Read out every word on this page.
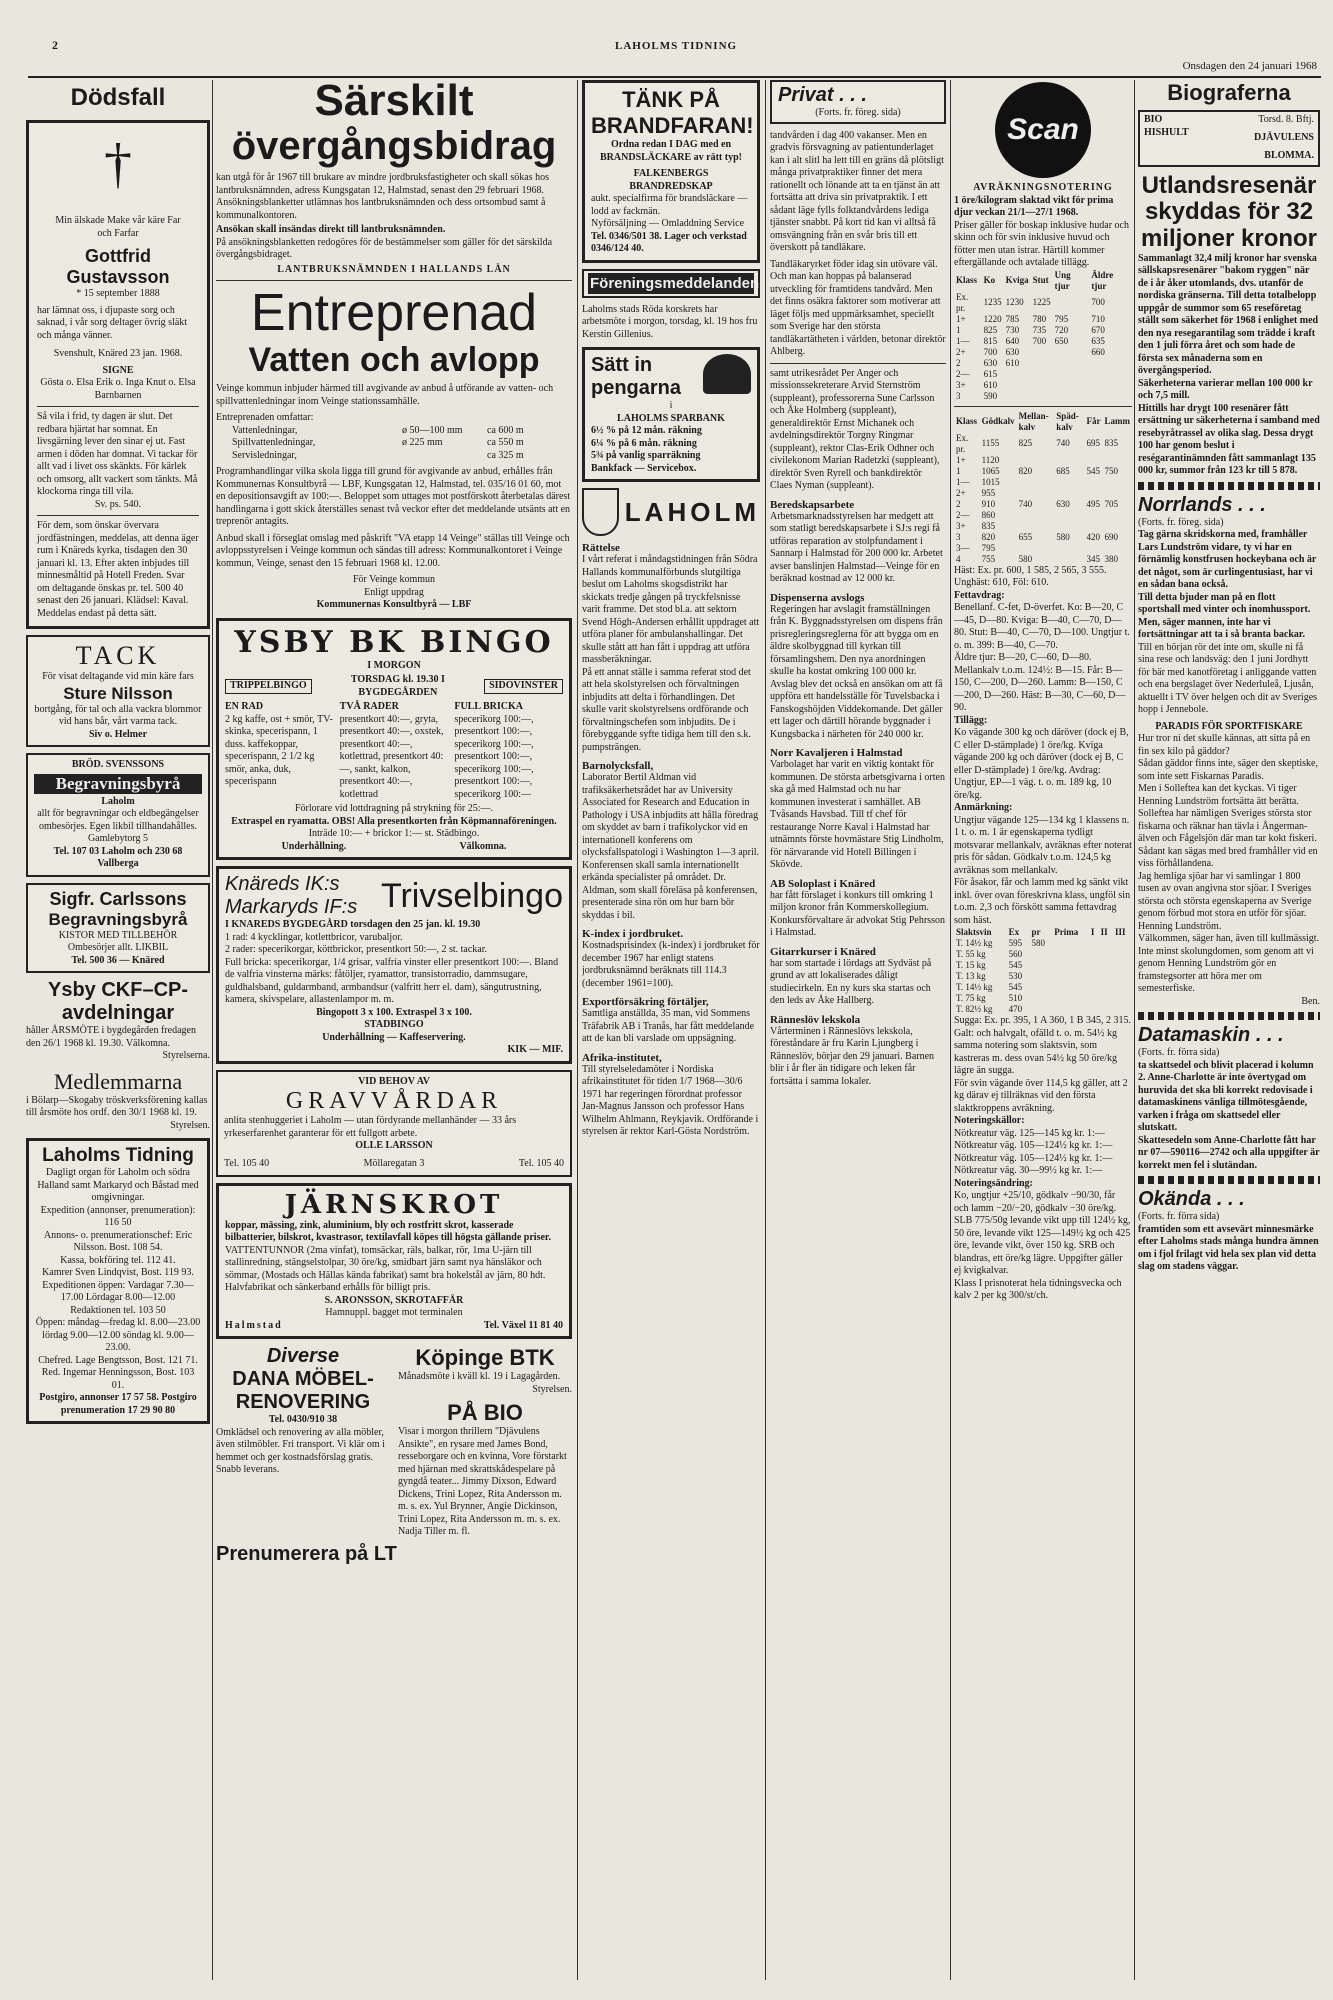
2	LAHOLMS TIDNING
Onsdagen den 24 januari 1968
Dödsfall
†
Min älskade Make vår käre Far och Farfar
Gottfrid
Gustavsson
* 15 september 1888
har lämnat oss, i djupaste sorg och saknad, i vår sorg deltager övrig släkt och många vänner.
Svenshult, Knäred 23 jan. 1968.
SIGNE
Gösta o. Elsa Erik o. Inga Knut o. Elsa Barnbarnen
Så vila i frid, ty dagen är slut. Det redbara hjärtat har somnat. En livsgärning lever den sinar ej ut. Fast armen i döden har domnat. Vi tackar för allt vad i livet oss skänkts. För kärlek och omsorg, allt vackert som tänkts. Må klockorna ringa till vila.
Sv. ps. 540.
För dem, som önskar övervara jordfästningen, meddelas, att denna äger rum i Knäreds kyrka, tisdagen den 30 januari kl. 13. Efter akten inbjudes till minnesmåltid på Hotell Freden. Svar om deltagande önskas pr. tel. 500 40 senast den 26 januari. Klädsel: Kaval. Meddelas endast på detta sätt.
TACK
För visat deltagande vid min käre fars
Sture Nilsson
bortgång, för tal och alla vackra blommor vid hans bår, vårt varma tack.
Siv o. Helmer
BRÖD. SVENSSONS
Begravningsbyrå
Laholm
allt för begravningar och eldbegängelser ombesörjes. Egen likbil tillhandahålles.
Gamlebytorg 5
Tel. 107 03 Laholm och 230 68 Vallberga
Sigfr. Carlssons
Begravningsbyrå
KISTOR MED TILLBEHÖR Ombesörjer allt. LIKBIL
Tel. 500 36 — Knäred
Ysby CKF–CP-
avdelningar
håller ÅRSMÖTE i bygdegården fredagen den 26/1 1968 kl. 19.30. Välkomna.
Styrelserna.
Medlemmarna
i Bölarp—Skogaby tröskverksförening kallas till årsmöte hos ordf. den 30/1 1968 kl. 19.
Styrelsen.
Laholms Tidning
Dagligt organ för Laholm och södra Halland samt Markaryd och Båstad med omgivningar.
Expedition (annonser, prenumeration): 116 50
Annons- o. prenumerationschef: Eric Nilsson. Bost. 108 54.
Kassa, bokföring tel. 112 41.
Kamrer Sven Lindqvist, Bost. 119 93.
Expeditionen öppen: Vardagar 7.30—17.00 Lördagar 8.00—12.00
Redaktionen tel. 103 50
Öppen: måndag—fredag kl. 8.00—23.00 lördag 9.00—12.00 söndag kl. 9.00—23.00.
Chefred. Lage Bengtsson, Bost. 121 71.
Red. Ingemar Henningsson, Bost. 103 01.
Postgiro, annonser 17 57 58. Postgiro prenumeration 17 29 90 80
Särskilt
övergångsbidrag
kan utgå för år 1967 till brukare av mindre jordbruksfastigheter och skall sökas hos lantbruksnämnden, adress Kungsgatan 12, Halmstad, senast den 29 februari 1968. Ansökningsblanketter utlämnas hos lantbruksnämnden och dess ortsombud samt å kommunalkontoren.
Ansökan skall insändas direkt till lantbruksnämnden.
På ansökningsblanketten redogöres för de bestämmelser som gäller för det särskilda övergångsbidraget.
LANTBRUKSNÄMNDEN I HALLANDS LÄN
Entreprenad
Vatten och avlopp
Veinge kommun inbjuder härmed till avgivande av anbud å utförande av vatten- och spillvattenledningar inom Veinge stationssamhälle.
Entreprenaden omfattar:
Vattenledningar,	ø 50—100 mm	ca 600 m
Spillvattenledningar,	ø 225 mm	ca 550 m
Servisledningar,	ca 325 m
Programhandlingar vilka skola ligga till grund för avgivande av anbud, erhålles från Kommunernas Konsultbyrå — LBF, Kungsgatan 12, Halmstad, tel. 035/16 01 60, mot en depositionsavgift av 100:—. Beloppet som uttages mot postförskott återbetalas därest handlingarna i gott skick återställes senast två veckor efter det meddelande utsänts att en treprenör antagits.
Anbud skall i förseglat omslag med påskrift "VA etapp 14 Veinge" ställas till Veinge och avloppsstyrelsen i Veinge kommun och sändas till adress: Kommunalkontoret i Veinge kommun, Veinge, senast den 15 februari 1968 kl. 12.00.
För Veinge kommun
Enligt uppdrag
Kommunernas Konsultbyrå — LBF
YSBY BK BINGO
I MORGON
TRIPPELBINGO
TORSDAG kl. 19.30 I BYGDEGÅRDEN
SIDOVINSTER
EN RAD
2 kg kaffe, ost + smör, TV-skinka, specerispann, 1 duss. kaffekoppar, specerispann, 2 1/2 kg smör, anka, duk, specerispann
TVÅ RADER
presentkort 40:—, gryta, presentkort 40:—, oxstek, presentkort 40:—, kotlettrad, presentkort 40:—, sankt, kalkon, presentkort 40:—, kotlettrad
FULL BRICKA
specerikorg 100:—, presentkort 100:—, specerikorg 100:—, presentkort 100:—, specerikorg 100:—, presentkort 100:—, specerikorg 100:—
Förlorare vid lottdragning på strykning för 25:—.
Extraspel en ryamatta. OBS! Alla presentkorten från Köpmannaföreningen.
Inträde 10:— + brickor 1:— st. Städbingo.
Underhållning.	Välkomna.
Knäreds IK:s
Markaryds IF:s Trivselbingo
I KNAREDS BYGDEGÅRD torsdagen den 25 jan. kl. 19.30
1 rad: 4 kycklingar, kotlettbricor, varubaljor.
2 rader: specerikorgar, köttbrickor, presentkort 50:—, 2 st. tackar.
Full bricka: specerikorgar, 1/4 grisar, valfria vinster eller presentkort 100:—. Bland de valfria vinsterna märks: fåtöljer, ryamattor, transistorradio, dammsugare, guldhalsband, guldarmband, armbandsur (valfritt herr el. dam), sängutrustning, kamera, skivspelare, allastenlampor m. m.
Bingopott 3 x 100. Extraspel 3 x 100.
STADBINGO
Underhållning — Kaffeservering.
KIK — MIF.
VID BEHOV AV
GRAVVÅRDAR
anlita stenhuggeriet i Laholm — utan fördyrande mellanhänder — 33 års yrkeserfarenhet garanterar för ett fullgott arbete.
Tel. 105 40
OLLE LARSSON
Möllaregatan 3	Tel. 105 40
JÄRNSKROT
koppar, mässing, zink, aluminium, bly och rostfritt skrot, kasserade bilbatterier, bilskrot, kvastrasor, textilavfall köpes till högsta gällande priser.
VATTENTUNNOR (2ma vinfat), tomsäckar, räls, balkar, rör, 1ma U-järn till stallinredning, stängselstolpar, 30 öre/kg, smidbart järn samt nya hänsläkor och sömmar, (Mostads och Hällas kända fabrikat) samt bra hokelstål av järn, 80 hdt. Halvfabrikat och sänkerband erhålls för billigt pris.
S. ARONSSON, SKROTAFFÄR
Hamnuppl. bagget mot terminalen
Halmstad	Tel. Växel 11 81 40
Diverse
DANA MÖBEL-
RENOVERING
Tel. 0430/910 38
Omklädsel och renovering av alla möbler, även stilmöbler. Fri transport. Vi klär om i hemmet och ger kostnadsförslag gratis. Snabb leverans.
Köpinge BTK
Månadsmöte i kväll kl. 19 i Lagagården.
Styrelsen.
PÅ BIO
Visar i morgon thrillern "Djävulens Ansikte", en rysare med James Bond, resseborgare och en kvinna, Vore förstarkt med hjärnan med skrattskådespelare på gyngdå teater... Jimmy Dixson, Edward Dickens, Trini Lopez, Rita Andersson m. m. s. ex. Yul Brynner, Angie Dickinson, Trini Lopez, Rita Andersson m. m. s. ex. Nadja Tiller m. fl.
Prenumerera på LT
TÄNK PÅ
BRANDFARAN!
Ordna redan I DAG med en BRANDSLÄCKARE av rätt typ!
FALKENBERGS BRANDREDSKAP
aukt. specialfirma för brandsläckare — lodd av fackmän.
Nyförsäljning — Omladdning Service
Tel. 0346/501 38. Lager och verkstad 0346/124 40.
Föreningsmeddelanden
Laholms stads Röda korskrets har arbetsmöte i morgon, torsdag, kl. 19 hos fru Kerstin Gillenius.
Sätt in
pengarna
i
LAHOLMS SPARBANK
6½ % på 12 mån. räkning
6¼ % på 6 mån. räkning
5¾ på vanlig sparräkning
Bankfack — Servicebox.
LAHOLM
Rättelse
I vårt referat i måndagstidningen från Södra Hallands kommunalförbunds slutgiltiga beslut om Laholms skogsdistrikt har skickats tredje gången på tryckfelsnisse varit framme. Det stod bl.a. att sektorn Svend Högh-Andersen erhållit uppdraget att utföra planer för ambulanshallingar. Det skulle stått att han fått i uppdrag att utföra massberäkningar.
På ett annat ställe i samma referat stod det att hela skolstyrelsen och förvaltningen inbjudits att delta i förhandlingen. Det skulle varit skolstyrelsens ordförande och förvaltningschefen som inbjudits. De i förebyggande syfte tidiga hem till den s.k. pumpsträngen.
Barnolycksfall,
Laborator Bertil Aldman vid trafiksäkerhetsrådet har av University Associated for Research and Education in Pathology i USA inbjudits att hålla föredrag om skyddet av barn i trafikolyckor vid en internationell konferens om olycksfallspatologi i Washington 1—3 april.
Konferensen skall samla internationellt erkända specialister på området. Dr. Aldman, som skall föreläsa på konferensen, presenterade sina rön om hur barn bör skyddas i bil.
K-index i jordbruket.
Kostnadsprisindex (k-index) i jordbruket för december 1967 har enligt statens jordbruksnämnd beräknats till 114.3 (december 1961=100).
Exportförsäkring förtäljer,
Samtliga anställda, 35 man, vid Sommens Träfabrik AB i Tranås, har fått meddelande att de kan bli varslade om uppsägning.
Afrika-institutet,
Till styrelseledamöter i Nordiska afrikainstitutet för tiden 1/7 1968—30/6 1971 har regeringen förordnat professor Jan-Magnus Jansson och professor Hans Wilhelm Ahlmann, Reykjavik. Ordförande i styrelsen är rektor Karl-Gösta Nordström.
Privat . . .
(Forts. fr. föreg. sida)
tandvården i dag 400 vakanser. Men en gradvis försvagning av patientunderlaget kan i alt slitl ha lett till en gräns då plötsligt många privatpraktiker finner det mera rationellt och lönande att ta en tjänst än att fortsätta att driva sin privatpraktik. I ett sådant läge fylls folktandvårdens lediga tjänster snabbt. På kort tid kan vi alltså få omsvängning från en svår bris till ett överskott på tandläkare.
Tandläkaryrket föder idag sin utövare väl. Och man kan hoppas på balanserad utveckling för framtidens tandvård. Men det finns osäkra faktorer som motiverar att läget följs med uppmärksamhet, speciellt som Sverige har den största tandläkartätheten i världen, betonar direktör Ahlberg.
samt utrikesrådet Per Anger och missionssekreterare Arvid Sternström (suppleant), professorerna Sune Carlsson och Åke Holmberg (suppleant), generaldirektör Ernst Michanek och avdelningsdirektör Torgny Ringmar (suppleant), rektor Clas-Erik Odhner och civilekonom Marian Radetzki (suppleant), direktör Sven Ryrell och bankdirektör Claes Nyman (suppleant).
Beredskapsarbete
Arbetsmarknadsstyrelsen har medgett att som statligt beredskapsarbete i SJ:s regi få utföras reparation av stolpfundament i Sannarp i Halmstad för 200 000 kr. Arbetet avser banslinjen Halmstad—Veinge för en beräknad kostnad av 12 000 kr.
Dispenserna avslogs
Regeringen har avslagit framställningen från K. Byggnadsstyrelsen om dispens från prisregleringsreglerna för att bygga om en äldre skolbyggnad till kyrkan till församlingshem. Den nya anordningen skulle ha kostat omkring 100 000 kr.
Avslag blev det också en ansökan om att få uppföra ett handelsställe för Tuvelsbacka i Fanskogshöjden Viddekomande. Det gäller ett lager och därtill hörande byggnader i Kungsbacka i närheten för 240 000 kr.
Norr Kavaljeren i Halmstad
Varbolaget har varit en viktig kontakt för kommunen. De största arbetsgivarna i orten ska gå med Halmstad och nu har kommunen investerat i samhället. AB Tvåsands Havsbad. Till tf chef för restaurange Norre Kaval i Halmstad har utnämnts förste hovmästare Stig Lindholm, för närvarande vid Hotell Billingen i Skövde.
AB Soloplast i Knäred
har fått förslaget i konkurs till omkring 1 miljon kronor från Kommerskollegium. Konkursförvaltare är advokat Stig Pehrsson i Halmstad.
Gitarrkurser i Knäred
har som startade i lördags att Sydväst på grund av att lokaliserades dåligt studiecirkeln. En ny kurs ska startas och den leds av Åke Hallberg.
Ränneslöv lekskola
Vårterminen i Ränneslövs lekskola, föreståndare är fru Karin Ljungberg i Ränneslöv, börjar den 29 januari. Barnen blir i år fler än tidigare och leken får fortsätta i samma lokaler.
Scan
AVRÄKNINGSNOTERING
1 öre/kilogram slaktad vikt för prima djur veckan 21/1—27/1 1968.
Priser gäller för boskap inklusive hudar och skinn och för svin inklusive huvud och fötter men utan istrar. Härtill kommer eftergällande och avtalade tillägg.
Klass	Ko	Kviga	Stut	Ung tjur	Äldre tjur
Ex. pr.	1235	1230	1225		700
1+	1220	785	780	795	710
1	825	730	735	720	670
1—	815	640	700	650	635
2+	700	630			660
2	630	610			
2—	615				
3+	610				
3	590				
Klass	Gödkalv	Mellan-kalv	Späd-kalv	Får	Lamm
Ex. pr.	1155	825	740	695	835
1+	1120				
1	1065	820	685	545	750
1—	1015				
2+	955				
2	910	740	630	495	705
2—	860				
3+	835				
3	820	655	580	420	690
3—	795				
4	755	580		345	380
Häst: Ex. pr. 600, 1 585, 2 565, 3 555.
Unghäst: 610, Föl: 610.
Fettavdrag:
Benellanf. C-fet, D-överfet. Ko: B—20, C—45, D—80. Kviga: B—40, C—70, D—80. Stut: B—40, C—70, D—100. Ungtjur t. o. m. 399: B—40, C—70.
Äldre tjur: B—20, C—60, D—80. Mellankalv t.o.m. 124½: B—15. Får: B—150, C—200, D—260. Lamm: B—150, C—200, D—260. Häst: B—30, C—60, D—90.
Tillägg:
Ko vägande 300 kg och däröver (dock ej B, C eller D-stämplade) 1 öre/kg. Kviga vägande 200 kg och däröver (dock ej B, C eller D-stämplade) 1 öre/kg. Avdrag: Ungtjur, EP—1 väg. t. o. m. 189 kg, 10 öre/kg.
Anmärkning:
Ungtjur vägande 125—134 kg 1 klassens n. 1 t. o. m. 1 är egenskaperna tydligt motsvarar mellankalv, avräknas efter noterat pris för sådan. Gödkalv t.o.m. 124,5 kg avräknas som mellankalv.
För åsakor, får och lamm med kg sänkt vikt inkl. över ovan föreskrivna klass, ungföl sin t.o.m. 2,3 och förskött samma fettavdrag som häst.
Slaktsvin	Ex	pr	Prima	I	II	III
T. 14½ kg	595	580				
T. 55 kg	560					
T. 15 kg	545					
T. 13 kg	530					
T. 14½ kg	545					
T. 75 kg	510					
T. 82½ kg	470					
Sugga: Ex. pr. 395, 1 A 360, 1 B 345, 2 315.
Galt: och halvgalt, ofälld t. o. m. 54½ kg samma notering som slaktsvin, som kastreras m. dess ovan 54½ kg 50 öre/kg lägre än sugga.
För svin vägande över 114,5 kg gäller, att 2 kg därav ej tillräknas vid den första slaktkroppens avräkning.
Noteringskällor:
Nötkreatur väg. 125—145 kg kr. 1:—
Nötkreatur väg. 105—124½ kg kr. 1:—
Nötkreatur väg. 105—124½ kg kr. 1:—
Nötkreatur väg. 30—99½ kg kr. 1:—
Noteringsändring:
Ko, ungtjur +25/10, gödkalv −90/30, får och lamm −20/−20, gödkalv −30 öre/kg.
SLB 775/50g levande vikt upp till 124½ kg, 50 öre, levande vikt 125—149½ kg och 425 öre, levande vikt, över 150 kg. SRB och blandras, ett öre/kg lägre. Uppgifter gäller ej kvigkalvar.
Klass I prisnoterat hela tidningsvecka och kalv 2 per kg 300/st/ch.
Biograferna
BIO HISHULT
Torsd. 8. Bftj.
DJÄVULENS BLOMMA.
Utlandsresenär
skyddas för 32
miljoner kronor
Sammanlagt 32,4 milj kronor har svenska sällskapsresenärer "bakom ryggen" när de i år åker utomlands, dvs. utanför de nordiska gränserna. Till detta totalbelopp uppgår de summor som 65 reseföretag ställt som säkerhet för 1968 i enlighet med den nya resegarantilag som trädde i kraft den 1 juli förra året och som hade de första sex månaderna som en övergångsperiod.
Säkerheterna varierar mellan 100 000 kr och 7,5 mill.
Hittills har drygt 100 resenärer fått ersättning ur säkerheterna i samband med resebyråtrassel av olika slag. Dessa drygt 100 har genom beslut i reségarantinämnden fått sammanlagt 135 000 kr, summor från 123 kr till 5 878.
Norrlands . . .
(Forts. fr. föreg. sida)
Tag gärna skridskorna med, framhåller Lars Lundström vidare, ty vi har en förnämlig konstfrusen hockeybana och är det något, som är curlingentusiast, har vi en sådan bana också.
Till detta bjuder man på en flott sportshall med vinter och inomhussport.
Men, säger mannen, inte har vi fortsättningar att ta i så branta backar.
Till en början rör det inte om, skulle ni få sina rese och landsväg: den 1 juni Jordhytt för bär med kanotföretag i anliggande vatten och ena bergslaget över Nederluleå, Ljusån, aktuellt i TV över helgen och dit av Sveriges hopp i Jennebole.
PARADIS FÖR SPORTFISKARE
Hur tror ni det skulle kännas, att sitta på en fin sex kilo på gäddor?
Sådan gäddor finns inte, säger den skeptiske, som inte sett Fiskarnas Paradis.
Men i Solleftea kan det kyckas. Vi tiger Henning Lundström fortsätta ätt berätta.
Solleftea har nämligen Sveriges största stor fiskarna och räknar han tävla i Ångerman-älven och Fågelsjön där man tar kokt fiskeri. Sådant kan sägas med bred framhåller vid en viss förhållandena.
Jag hemliga sjöar har vi samlingar 1 800 tusen av ovan angivna stor sjöar. I Sveriges största och största egenskaperna av Sverige genom förbud mot stora en utför för sjöar. Henning Lundström.
Välkommen, säger han, även till kullmässigt. Inte minst skolungdomen, som genom att vi genom Henning Lundström gör en framstegsorter att höra mer om semesterfiske.
Ben.
Datamaskin . . .
(Forts. fr. förra sida)
ta skattsedel och blivit placerad i kolumn 2. Anne-Charlotte är inte övertygad om huruvida det ska bli korrekt redovisade i datamaskinens vänliga tillmötesgående, varken i fråga om skattsedel eller slutskatt.
Skattesedeln som Anne-Charlotte fått har nr 07—590116—2742 och alla uppgifter är korrekt men fel i slutändan.
Okända . . .
(Forts. fr. förra sida)
framtiden som ett avsevärt minnesmärke efter Laholms stads många hundra ämnen om i fjol frilagt vid hela sex plan vid detta slag om stadens väggar.
